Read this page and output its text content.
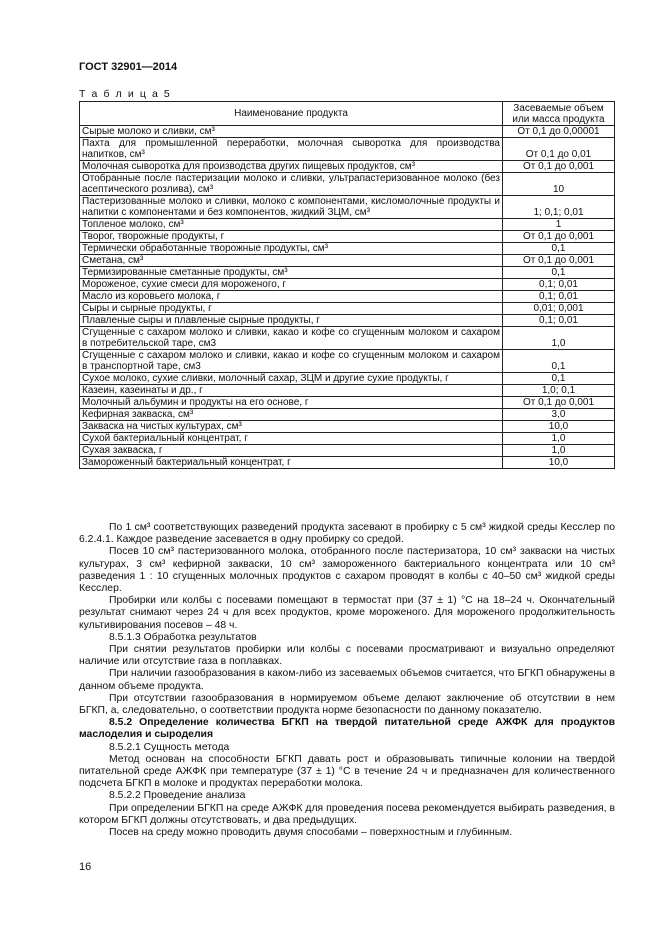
ГОСТ 32901—2014
Т а б л и ц а 5
Наименование продукта	Засеваемые объем или масса продукта
Сырые молоко и сливки, см³	От 0,1 до 0,00001
Пахта для промышленной переработки, молочная сыворотка для производства напитков, см³	От 0,1 до 0,01
Молочная сыворотка для производства других пищевых продуктов, см³	От 0,1 до 0,001
Отобранные после пастеризации молоко и сливки, ультрапастеризованное молоко (без асептического розлива), см³	10
Пастеризованные молоко и сливки, молоко с компонентами, кисломолочные продукты и напитки с компонентами и без компонентов, жидкий ЗЦМ, см³	1; 0,1; 0,01
Топленое молоко, см³	1
Творог, творожные продукты, г	От 0,1 до 0,001
Термически обработанные творожные продукты, см³	0,1
Сметана, см³	От 0,1 до 0,001
Термизированные сметанные продукты, см³	0,1
Мороженое, сухие смеси для мороженого, г	0,1; 0,01
Масло из коровьего молока, г	0,1; 0,01
Сыры и сырные продукты, г	0,01; 0,001
Плавленые сыры и плавленые сырные продукты, г	0,1; 0,01
Сгущенные с сахаром молоко и сливки, какао и кофе со сгущенным молоком и сахаром в потребительской таре, см3	1,0
Сгущенные с сахаром молоко и сливки, какао и кофе со сгущенным молоком и сахаром в транспортной таре, см3	0,1
Сухое молоко, сухие сливки, молочный сахар, ЗЦМ и другие сухие продукты, г	0,1
Казеин, казеинаты и др., г	1,0; 0,1
Молочный альбумин и продукты на его основе, г	От 0,1 до 0,001
Кефирная закваска, см³	3,0
Закваска на чистых культурах, см³	10,0
Сухой бактериальный концентрат, г	1,0
Сухая закваска, г	1,0
Замороженный бактериальный концентрат, г	10,0

По 1 см³ соответствующих разведений продукта засевают в пробирку с 5 см³ жидкой среды Кесслер по 6.2.4.1. Каждое разведение засевается в одну пробирку со средой.

Посев 10 см³ пастеризованного молока, отобранного после пастеризатора, 10 см³ закваски на чистых культурах, 3 см³ кефирной закваски, 10 см³ замороженного бактериального концентрата или 10 см³ разведения 1 : 10 сгущенных молочных продуктов с сахаром проводят в колбы с 40–50 см³ жидкой среды Кесслер.

Пробирки или колбы с посевами помещают в термостат при (37 ± 1) °С на 18–24 ч. Окончательный результат снимают через 24 ч для всех продуктов, кроме мороженого. Для мороженого продолжительность культивирования посевов – 48 ч.

8.5.1.3 Обработка результатов

При снятии результатов пробирки или колбы с посевами просматривают и визуально определяют наличие или отсутствие газа в поплавках.

При наличии газообразования в каком-либо из засеваемых объемов считается, что БГКП обнаружены в данном объеме продукта.

При отсутствии газообразования в нормируемом объеме делают заключение об отсутствии в нем БГКП, а, следовательно, о соответствии продукта норме безопасности по данному показателю.

8.5.2 Определение количества БГКП на твердой питательной среде АЖФК для продуктов маслоделия и сыроделия

8.5.2.1 Сущность метода

Метод основан на способности БГКП давать рост и образовывать типичные колонии на твердой питательной среде АЖФК при температуре (37 ± 1) °С в течение 24 ч и предназначен для количественного подсчета БГКП в молоке и продуктах переработки молока.

8.5.2.2 Проведение анализа

При определении БГКП на среде АЖФК для проведения посева рекомендуется выбирать разведения, в котором БГКП должны отсутствовать, и два предыдущих.

Посев на среду можно проводить двумя способами – поверхностным и глубинным.

16
